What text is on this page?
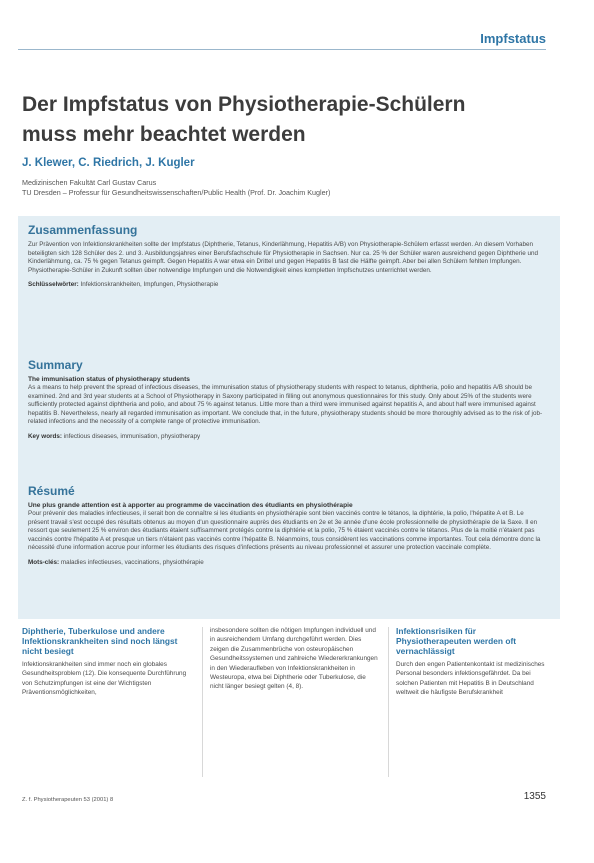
Impfstatus
Der Impfstatus von Physiotherapie-Schülern
muss mehr beachtet werden
J. Klewer, C. Riedrich, J. Kugler
Medizinischen Fakultät Carl Gustav Carus
TU Dresden – Professur für Gesundheitswissenschaften/Public Health (Prof. Dr. Joachim Kugler)
Zusammenfassung

Zur Prävention von Infektionskrankheiten sollte der Impfstatus (Diphtherie, Tetanus, Kinderlähmung, Hepatitis A/B) von Physiotherapie-Schülern erfasst werden. An diesem Vorhaben beteiligten sich 128 Schüler des 2. und 3. Ausbildungsjahres einer Berufsfachschule für Physiotherapie in Sachsen. Nur ca. 25 % der Schüler waren ausreichend gegen Diphtherie und Kinderlähmung, ca. 75 % gegen Tetanus geimpft. Gegen Hepatitis A war etwa ein Drittel und gegen Hepatitis B fast die Hälfte geimpft. Aber bei allen Schülern fehlten Impfungen. Physiotherapie-Schüler in Zukunft sollten über notwendige Impfungen und die Notwendigkeit eines kompletten Impfschutzes unterrichtet werden.

Schlüsselwörter: Infektionskrankheiten, Impfungen, Physiotherapie
Summary
The immunisation status of physiotherapy students

As a means to help prevent the spread of infectious diseases, the immunisation status of physiotherapy students with respect to tetanus, diphtheria, polio and hepatitis A/B should be examined. 2nd and 3rd year students at a School of Physiotherapy in Saxony participated in filling out anonymous questionnaires for this study. Only about 25% of the students were sufficiently protected against diphtheria and polio, and about 75 % against tetanus. Little more than a third were immunised against hepatitis A, and about half were immunised against hepatitis B. Nevertheless, nearly all regarded immunisation as important. We conclude that, in the future, physiotherapy students should be more thoroughly advised as to the risk of job-related infections and the necessity of a complete range of protective immunisation.

Key words: infectious diseases, immunisation, physiotherapy
Résumé
Une plus grande attention est à apporter au programme de vaccination des étudiants en physiothérapie

Pour prévenir des maladies infectieuses, il serait bon de connaître si les étudiants en physiothérapie sont bien vaccinés contre le tétanos, la diphtérie, la polio, l'hépatite A et B. Le présent travail s'est occupé des résultats obtenus au moyen d'un questionnaire auprès des étudiants en 2e et 3e année d'une école professionnelle de physiothérapie de la Saxe. Il en ressort que seulement 25 % environ des étudiants étaient suffisamment protégés contre la diphtérie et la polio, 75 % étaient vaccinés contre le tétanos. Plus de la moitié n'étaient pas vaccinés contre l'hépatite A et presque un tiers n'étaient pas vaccinés contre l'hépatite B. Néanmoins, tous considèrent les vaccinations comme importantes. Tout cela démontre donc la nécessité d'une information accrue pour informer les étudiants des risques d'infections présents au niveau professionnel et assurer une protection vaccinale complète.

Mots-clés: maladies infectieuses, vaccinations, physiothérapie
Diphtherie, Tuberkulose und andere Infektionskrankheiten sind noch längst nicht besiegt

Infektionskrankheiten sind immer noch ein globales Gesundheitsproblem (12). Die konsequente Durchführung von Schutzimpfungen ist eine der Wichtigsten Präventionsmöglichkeiten,

insbesondere sollten die nötigen Impfungen individuell und in ausreichendem Umfang durchgeführt werden. Dies zeigen die Zusammenbrüche von osteuropäischen Gesundheitssystemen und zahlreiche Wiedererkrankungen in den Wiederaufleben von Infektionskrankheiten in Westeuropa, etwa bei Diphtherie oder Tuberkulose, die nicht länger besiegt gelten (4, 8).

Infektionsrisiken für Physiotherapeuten werden oft vernachlässigt

Durch den engen Patientenkontakt ist medizinisches Personal besonders infektionsgefährdet. Da bei solchen Patienten mit Hepatitis B in Deutschland weltweit die häufigste Berufskrankheit

Z. f. Physiotherapeuten 53 (2001) 8	1355
